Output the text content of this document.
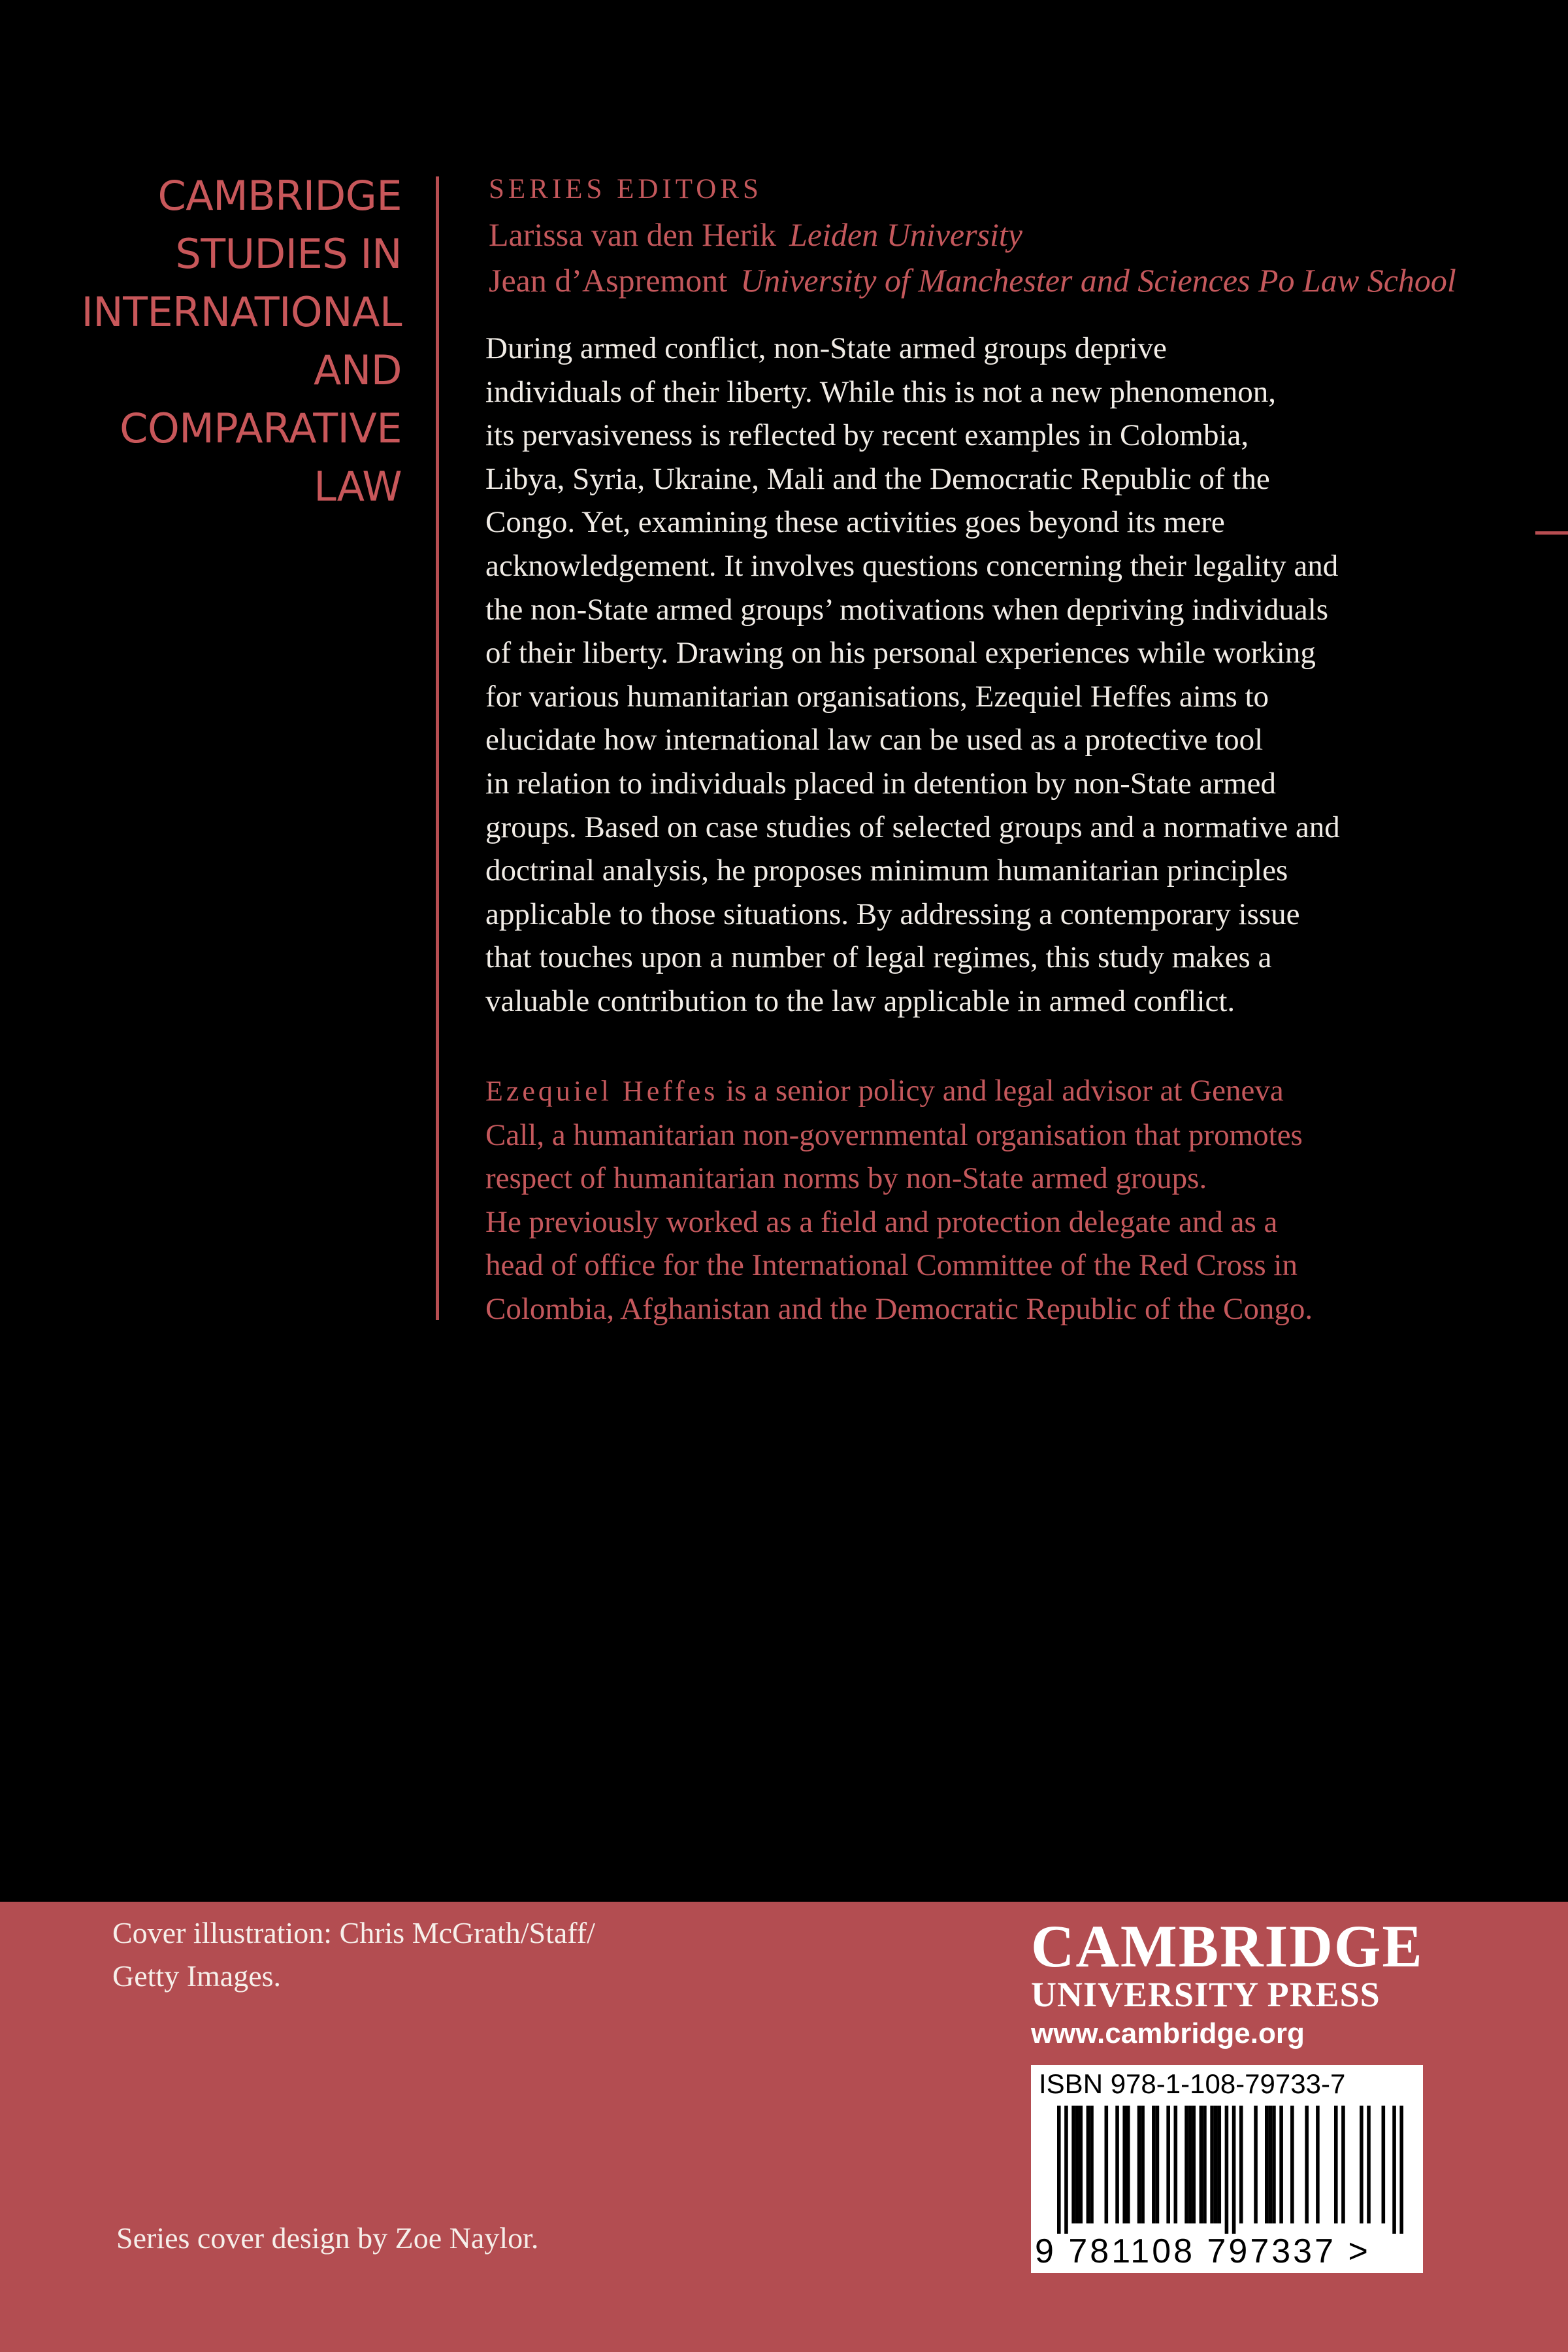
CAMBRIDGE
STUDIES IN
INTERNATIONAL
AND
COMPARATIVE
LAW
SERIES EDITORS
Larissa van den Herik Leiden University
Jean d’Aspremont University of Manchester and Sciences Po Law School
During armed conflict, non-State armed groups deprive
individuals of their liberty. While this is not a new phenomenon,
its pervasiveness is reflected by recent examples in Colombia,
Libya, Syria, Ukraine, Mali and the Democratic Republic of the
Congo. Yet, examining these activities goes beyond its mere
acknowledgement. It involves questions concerning their legality and
the non-State armed groups’ motivations when depriving individuals
of their liberty. Drawing on his personal experiences while working
for various humanitarian organisations, Ezequiel Heffes aims to
elucidate how international law can be used as a protective tool
in relation to individuals placed in detention by non-State armed
groups. Based on case studies of selected groups and a normative and
doctrinal analysis, he proposes minimum humanitarian principles
applicable to those situations. By addressing a contemporary issue
that touches upon a number of legal regimes, this study makes a
valuable contribution to the law applicable in armed conflict.
Ezequiel Heffes is a senior policy and legal advisor at Geneva
Call, a humanitarian non-governmental organisation that promotes
respect of humanitarian norms by non-State armed groups.
He previously worked as a field and protection delegate and as a
head of office for the International Committee of the Red Cross in
Colombia, Afghanistan and the Democratic Republic of the Congo.
Cover illustration: Chris McGrath/Staff/
Getty Images.
Series cover design by Zoe Naylor.
CAMBRIDGE
UNIVERSITY PRESS
www.cambridge.org
ISBN 978-1-108-79733-7
9 781108 797337 >
